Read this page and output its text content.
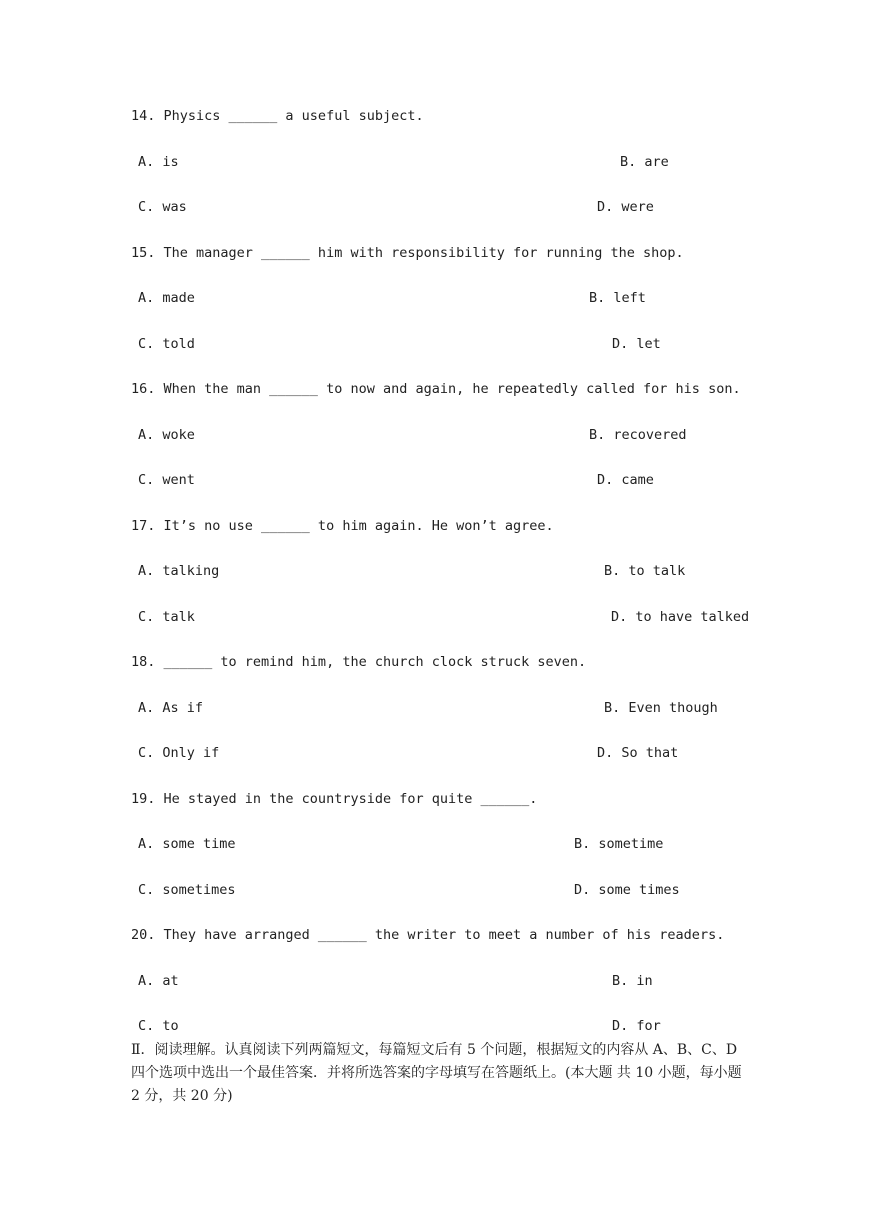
14. Physics ______ a useful subject.
A. is	B. are
C. was	D. were
15. The manager ______ him with responsibility for running the shop.
A. made	B. left
C. told	D. let
16. When the man ______ to now and again, he repeatedly called for his son.
A. woke	B. recovered
C. went	D. came
17. It’s no use ______ to him again. He won’t agree.
A. talking	B. to talk
C. talk	D. to have talked
18. ______ to remind him, the church clock struck seven.
A. As if	B. Even though
C. Only if	D. So that
19. He stayed in the countryside for quite ______.
A. some time	B. sometime
C. sometimes	D. some times
20. They have arranged ______ the writer to meet a number of his readers.
A. at	B. in
C. to	D. for
Ⅱ．阅读理解。认真阅读下列两篇短文，每篇短文后有 5 个问题，根据短文的内容从 A、B、C、D 四个选项中选出一个最佳答案．并将所选答案的字母填写在答题纸上。(本大题 共 10 小题，每小题 2 分，共 20 分)
